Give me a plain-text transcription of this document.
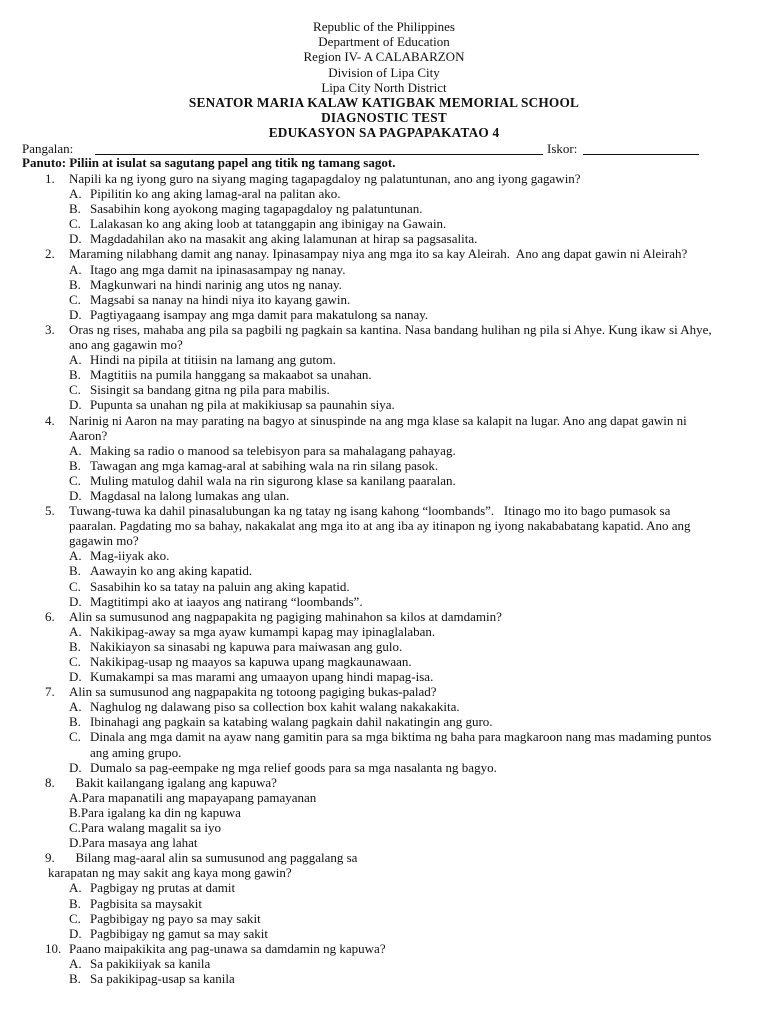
Republic of the Philippines
Department of Education
Region IV- A CALABARZON
Division of Lipa City
Lipa City North District
SENATOR MARIA KALAW KATIGBAK MEMORIAL SCHOOL
DIAGNOSTIC TEST
EDUKASYON SA PAGPAPAKATAO 4
Pangalan:	Iskor:
Panuto: Piliin at isulat sa sagutang papel ang titik ng tamang sagot.
1. Napili ka ng iyong guro na siyang maging tagapagdaloy ng palatuntunan, ano ang iyong gagawin?
A. Pipilitin ko ang aking lamag-aral na palitan ako.
B. Sasabihin kong ayokong maging tagapagdaloy ng palatuntunan.
C. Lalakasan ko ang aking loob at tatanggapin ang ibinigay na Gawain.
D. Magdadahilan ako na masakit ang aking lalamunan at hirap sa pagsasalita.
2. Maraming nilabhang damit ang nanay. Ipinasampay niya ang mga ito sa kay Aleirah.  Ano ang dapat gawin ni Aleirah?
A. Itago ang mga damit na ipinasasampay ng nanay.
B. Magkunwari na hindi narinig ang utos ng nanay.
C. Magsabi sa nanay na hindi niya ito kayang gawin.
D. Pagtiyagaang isampay ang mga damit para makatulong sa nanay.
3. Oras ng rises, mahaba ang pila sa pagbili ng pagkain sa kantina. Nasa bandang hulihan ng pila si Ahye. Kung ikaw si Ahye, ano ang gagawin mo?
A. Hindi na pipila at titiisin na lamang ang gutom.
B. Magtitiis na pumila hanggang sa makaabot sa unahan.
C. Sisingit sa bandang gitna ng pila para mabilis.
D. Pupunta sa unahan ng pila at makikiusap sa paunahin siya.
4. Narinig ni Aaron na may parating na bagyo at sinuspinde na ang mga klase sa kalapit na lugar. Ano ang dapat gawin ni Aaron?
A. Making sa radio o manood sa telebisyon para sa mahalagang pahayag.
B. Tawagan ang mga kamag-aral at sabihing wala na rin silang pasok.
C. Muling matulog dahil wala na rin sigurong klase sa kanilang paaralan.
D. Magdasal na lalong lumakas ang ulan.
5. Tuwang-tuwa ka dahil pinasalubungan ka ng tatay ng isang kahong “loombands”.   Itinago mo ito bago pumasok sa paaralan. Pagdating mo sa bahay, nakakalat ang mga ito at ang iba ay itinapon ng iyong nakababatang kapatid. Ano ang gagawin mo?
A. Mag-iiyak ako.
B. Aawayin ko ang aking kapatid.
C. Sasabihin ko sa tatay na paluin ang aking kapatid.
D. Magtitimpi ako at iaayos ang natirang “loombands”.
6. Alin sa sumusunod ang nagpapakita ng pagiging mahinahon sa kilos at damdamin?
A. Nakikipag-away sa mga ayaw kumampi kapag may ipinaglalaban.
B. Nakikiayon sa sinasabi ng kapuwa para maiwasan ang gulo.
C. Nakikipag-usap ng maayos sa kapuwa upang magkaunawaan.
D. Kumakampi sa mas marami ang umaayon upang hindi mapag-isa.
7. Alin sa sumusunod ang nagpapakita ng totoong pagiging bukas-palad?
A. Naghulog ng dalawang piso sa collection box kahit walang nakakakita.
B. Ibinahagi ang pagkain sa katabing walang pagkain dahil nakatingin ang guro.
C. Dinala ang mga damit na ayaw nang gamitin para sa mga biktima ng baha para magkaroon nang mas madaming puntos ang aming grupo.
D. Dumalo sa pag-eempake ng mga relief goods para sa mga nasalanta ng bagyo.
8. Bakit kailangang igalang ang kapuwa?
A.Para mapanatili ang mapayapang pamayanan
B.Para igalang ka din ng kapuwa
C.Para walang magalit sa iyo
D.Para masaya ang lahat
9. Bilang mag-aaral alin sa sumusunod ang paggalang sa
karapatan ng may sakit ang kaya mong gawin?
A. Pagbigay ng prutas at damit
B. Pagbisita sa maysakit
C. Pagbibigay ng payo sa may sakit
D. Pagbibigay ng gamut sa may sakit
10. Paano maipakikita ang pag-unawa sa damdamin ng kapuwa?
A. Sa pakikiiyak sa kanila
B. Sa pakikipag-usap sa kanila
